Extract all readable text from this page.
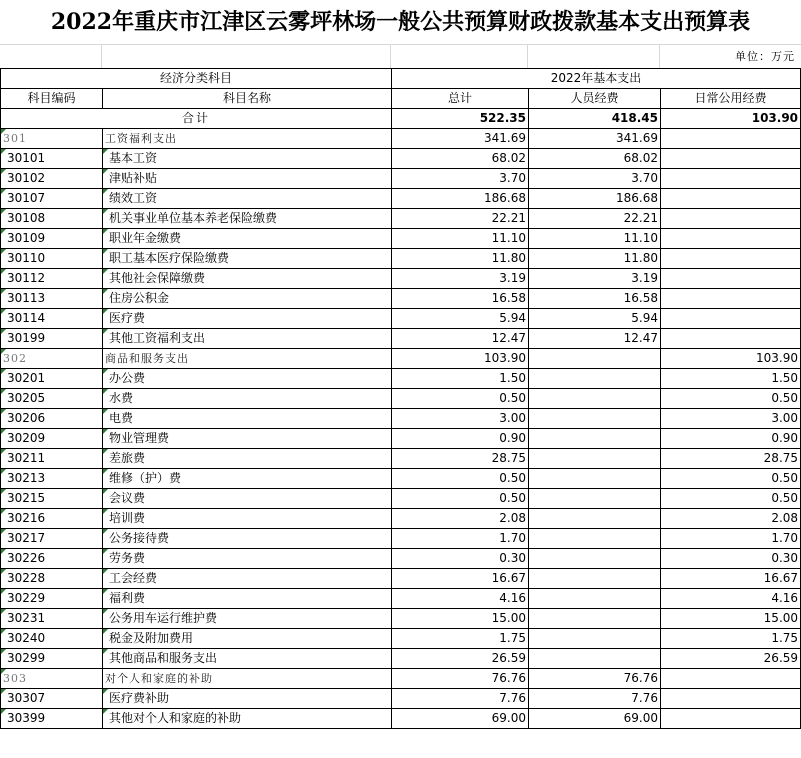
2022年重庆市江津区云雾坪林场一般公共预算财政拨款基本支出预算表
单位：万元
经济分类科目		2022年基本支出		
科目编码	科目名称	总计	人员经费	日常公用经费
合计		522.35	418.45	103.90

301	工资福利支出	341.69	341.69	

30101	基本工资	68.02	68.02	

30102	津贴补贴	3.70	3.70	

30107	绩效工资	186.68	186.68	

30108	机关事业单位基本养老保险缴费	22.21	22.21	

30109	职业年金缴费	11.10	11.10	

30110	职工基本医疗保险缴费	11.80	11.80	

30112	其他社会保障缴费	3.19	3.19	

30113	住房公积金	16.58	16.58	

30114	医疗费	5.94	5.94	

30199	其他工资福利支出	12.47	12.47	

302	商品和服务支出	103.90		103.90

30201	办公费	1.50		1.50

30205	水费	0.50		0.50

30206	电费	3.00		3.00

30209	物业管理费	0.90		0.90

30211	差旅费	28.75		28.75

30213	维修（护）费	0.50		0.50

30215	会议费	0.50		0.50

30216	培训费	2.08		2.08

30217	公务接待费	1.70		1.70

30226	劳务费	0.30		0.30

30228	工会经费	16.67		16.67

30229	福利费	4.16		4.16

30231	公务用车运行维护费	15.00		15.00

30240	税金及附加费用	1.75		1.75

30299	其他商品和服务支出	26.59		26.59

303	对个人和家庭的补助	76.76	76.76	

30307	医疗费补助	7.76	7.76	

30399	其他对个人和家庭的补助	69.00	69.00	
